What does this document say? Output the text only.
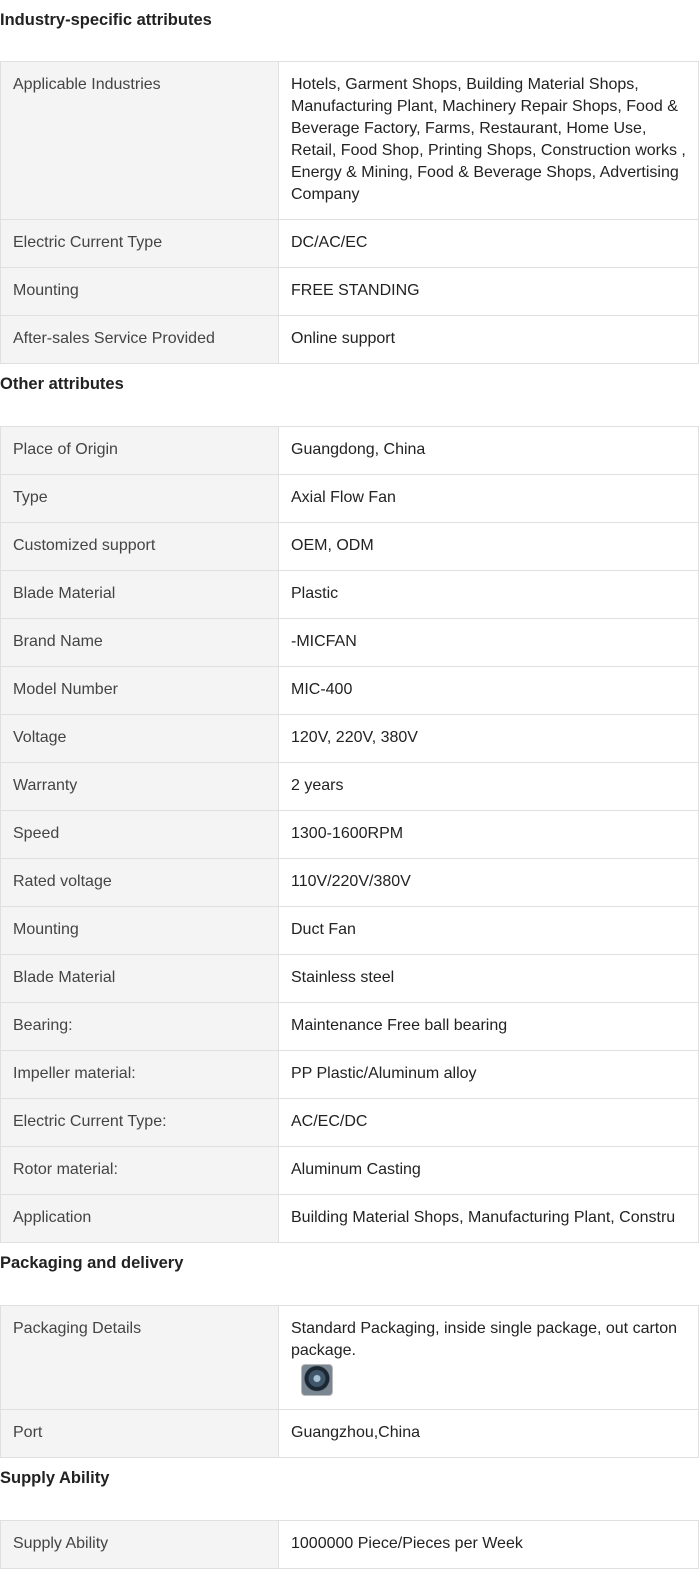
Industry-specific attributes
Applicable Industries	Hotels, Garment Shops, Building Material Shops, Manufacturing Plant, Machinery Repair Shops, Food & Beverage Factory, Farms, Restaurant, Home Use, Retail, Food Shop, Printing Shops, Construction works , Energy & Mining, Food & Beverage Shops, Advertising Company
Electric Current Type	DC/AC/EC
Mounting	FREE STANDING
After-sales Service Provided	Online support
Other attributes
Place of Origin	Guangdong, China
Type	Axial Flow Fan
Customized support	OEM, ODM
Blade Material	Plastic
Brand Name	-MICFAN
Model Number	MIC-400
Voltage	120V, 220V, 380V
Warranty	2 years
Speed	1300-1600RPM
Rated voltage	110V/220V/380V
Mounting	Duct Fan
Blade Material	Stainless steel
Bearing:	Maintenance Free ball bearing
Impeller material:	PP Plastic/Aluminum alloy
Electric Current Type:	AC/EC/DC
Rotor material:	Aluminum Casting
Application	Building Material Shops, Manufacturing Plant, Constru
Packaging and delivery
Packaging Details	Standard Packaging, inside single package, out carton package.

Port	Guangzhou,China
Supply Ability
Supply Ability	1000000 Piece/Pieces per Week
